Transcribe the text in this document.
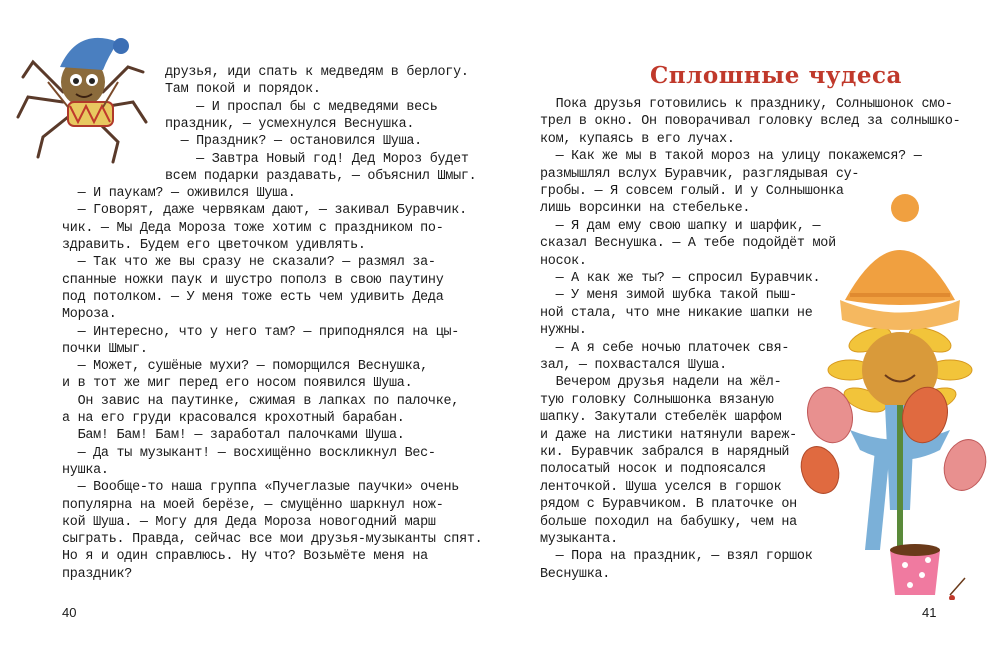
друзья, иди спать к медведям в берлогу.
Там покой и порядок.
— И проспал бы с медведями весь
праздник, — усмехнулся Веснушка.
— Праздник? — остановился Шуша.
— Завтра Новый год! Дед Мороз будет
всем подарки раздавать, — объяснил Шмыг.
— И паукам? — оживился Шуша.
— Говорят, даже червякам дают, — закивал Буравчик.
чик. — Мы Деда Мороза тоже хотим с праздником по-
здравить. Будем его цветочком удивлять.
— Так что же вы сразу не сказали? — размял за-
спанные ножки паук и шустро пополз в свою паутину
под потолком. — У меня тоже есть чем удивить Деда
Мороза.
— Интересно, что у него там? — приподнялся на цы-
почки Шмыг.
— Может, сушёные мухи? — поморщился Веснушка,
и в тот же миг перед его носом появился Шуша.
Он завис на паутинке, сжимая в лапках по палочке,
а на его груди красовался крохотный барабан.
Бам! Бам! Бам! — заработал палочками Шуша.
— Да ты музыкант! — восхищённо воскликнул Вес-
нушка.
— Вообще-то наша группа «Пучеглазые паучки» очень
популярна на моей берёзе, — смущённо шаркнул нож-
кой Шуша. — Могу для Деда Мороза новогодний марш
сыграть. Правда, сейчас все мои друзья-музыканты спят.
Но я и один справлюсь. Ну что? Возьмёте меня на
праздник?
40
Сплошные чудеса
Пока друзья готовились к празднику, Солнышонок смо-
трел в окно. Он поворачивал головку вслед за солнышко-
ком, купаясь в его лучах.
— Как же мы в такой мороз на улицу покажемся? —
размышлял вслух Буравчик, разглядывая су-
гробы. — Я совсем голый. И у Солнышонка
лишь ворсинки на стебельке.
— Я дам ему свою шапку и шарфик, —
сказал Веснушка. — А тебе подойдёт мой
носок.
— А как же ты? — спросил Буравчик.
— У меня зимой шубка такой пыш-
ной стала, что мне никакие шапки не
нужны.
— А я себе ночью платочек свя-
зал, — похвастался Шуша.
Вечером друзья надели на жёл-
тую головку Солнышонка вязаную
шапку. Закутали стебелёк шарфом
и даже на листики натянули вареж-
ки. Буравчик забрался в нарядный
полосатый носок и подпоясался
ленточкой. Шуша уселся в горшок
рядом с Буравчиком. В платочке он
больше походил на бабушку, чем на
музыканта.
— Пора на праздник, — взял горшок
Веснушка.
41
